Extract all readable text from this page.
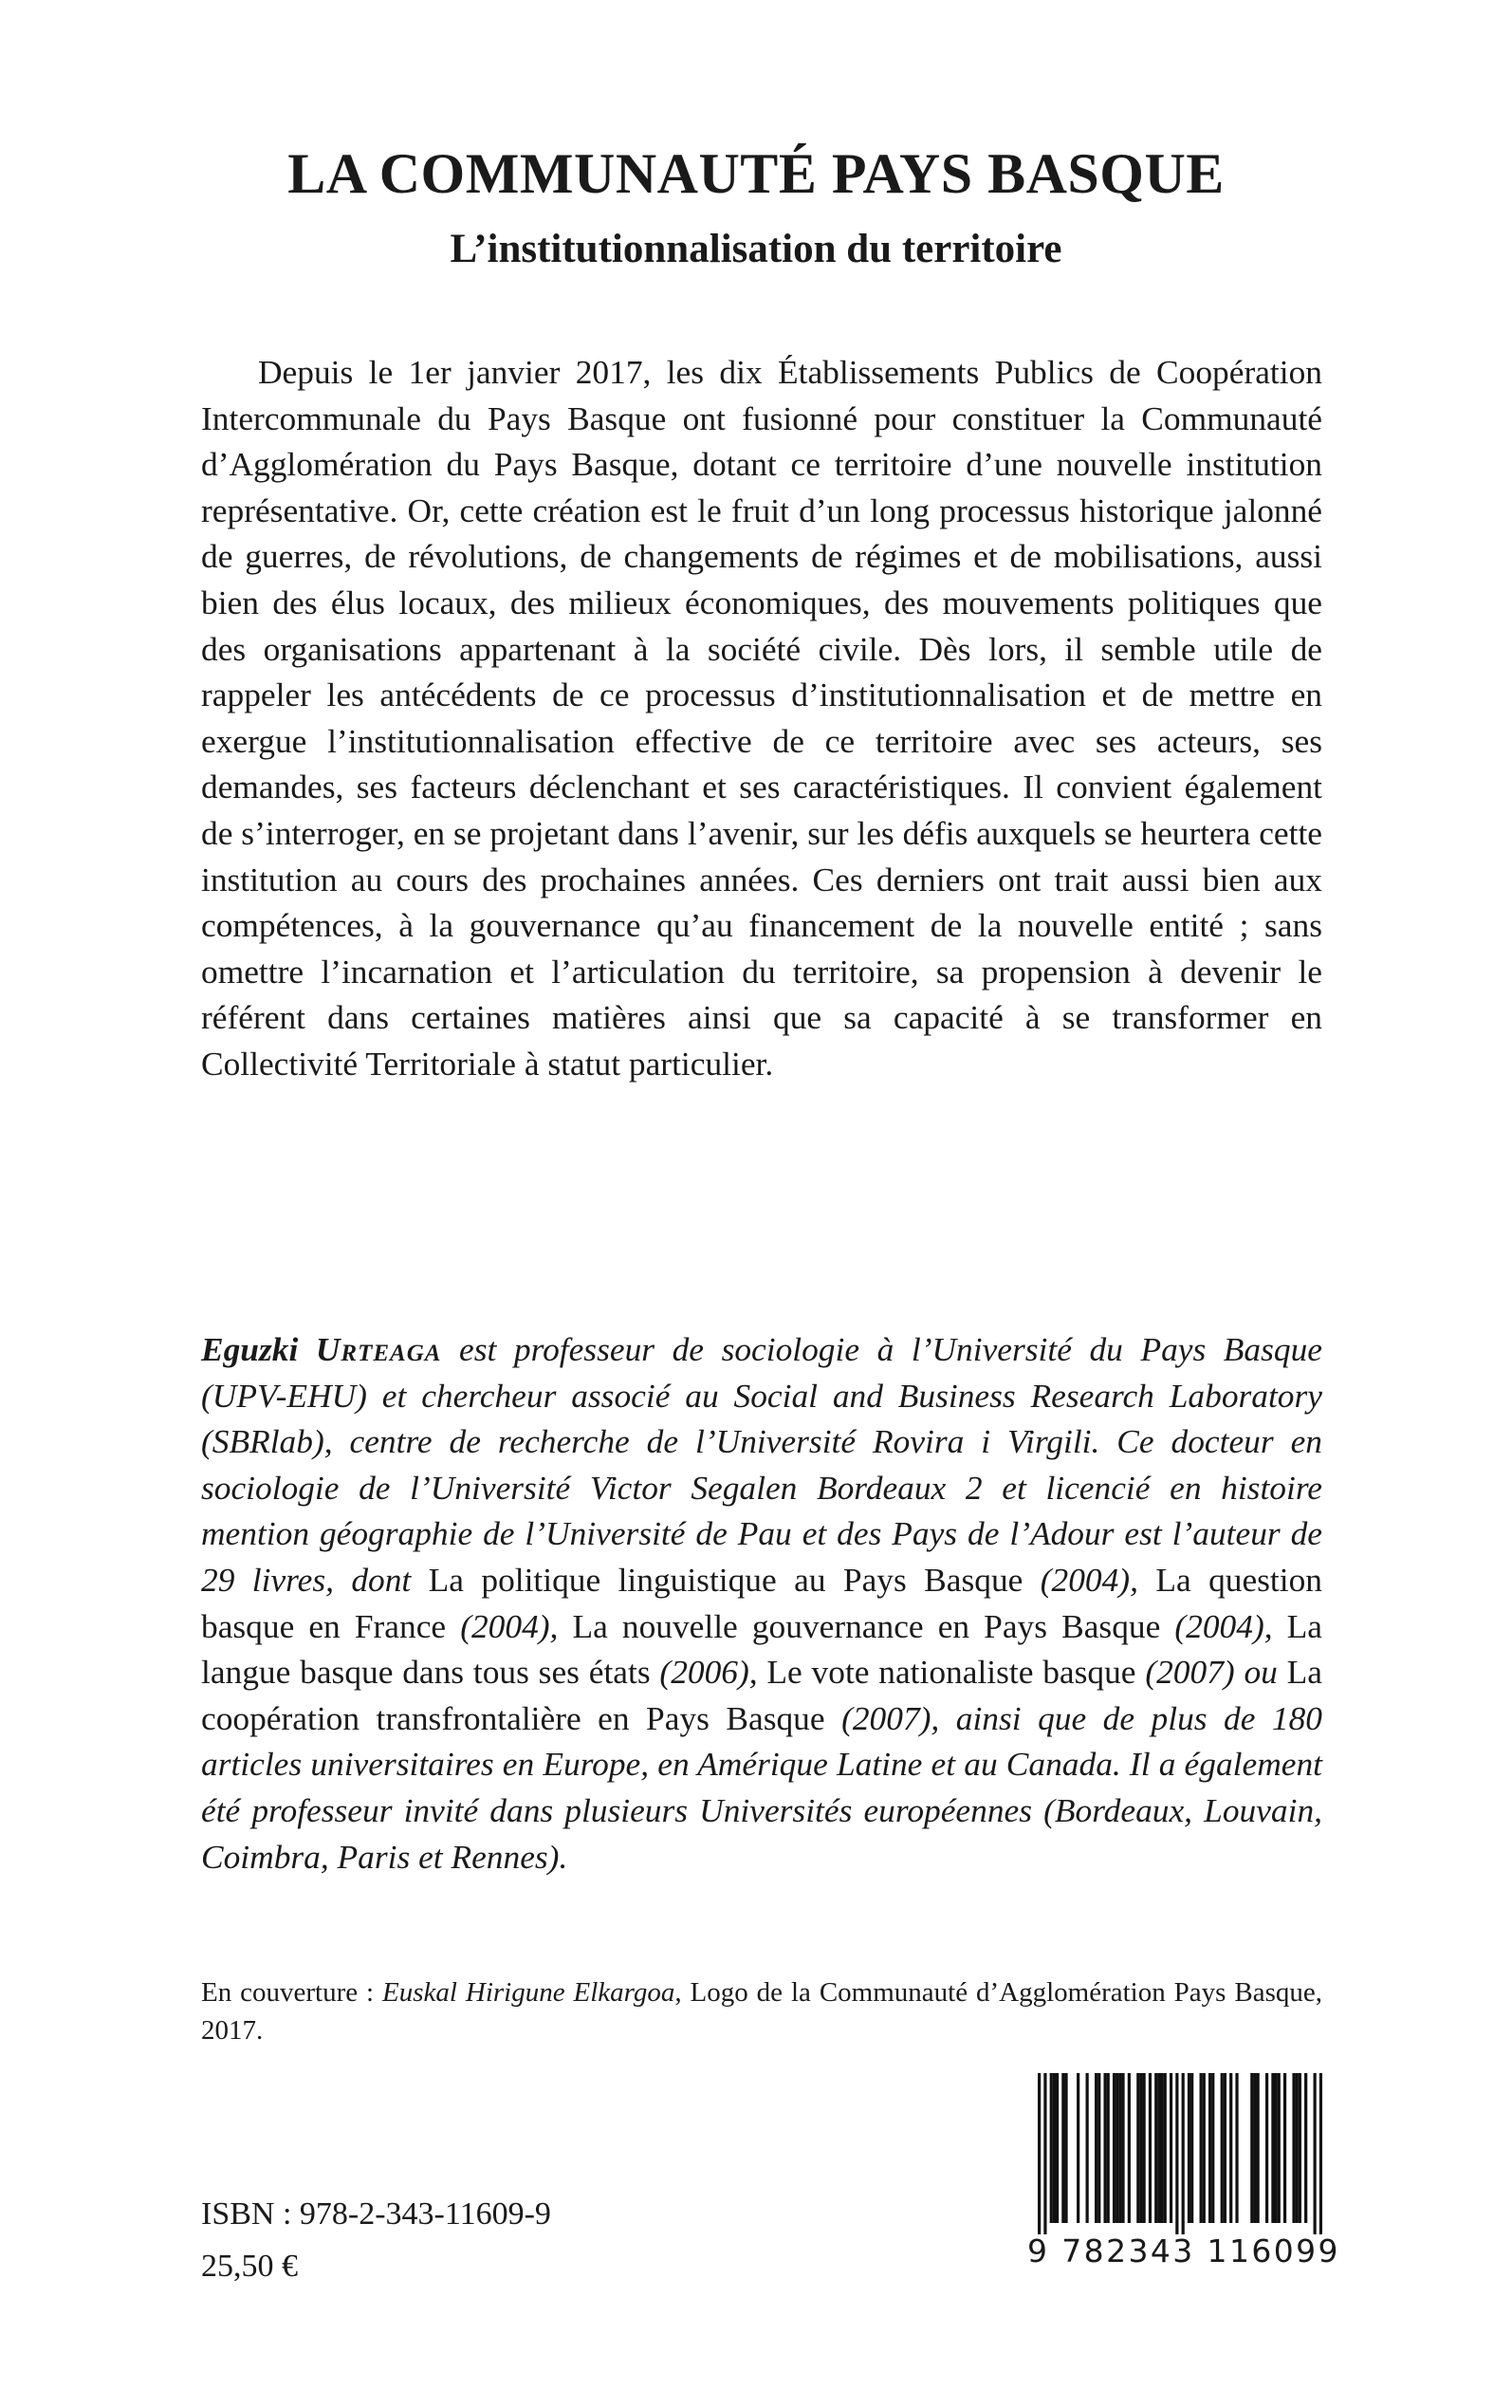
LA COMMUNAUTÉ PAYS BASQUE
L’institutionnalisation du territoire

Depuis le 1er janvier 2017, les dix Établissements Publics de Coopération Intercommunale du Pays Basque ont fusionné pour constituer la Communauté d’Agglomération du Pays Basque, dotant ce territoire d’une nouvelle institution représentative. Or, cette création est le fruit d’un long processus historique jalonné de guerres, de révolutions, de changements de régimes et de mobilisations, aussi bien des élus locaux, des milieux économiques, des mouvements politiques que des organisations appartenant à la société civile. Dès lors, il semble utile de rappeler les antécédents de ce processus d’institutionnalisation et de mettre en exergue l’institutionnalisation effective de ce territoire avec ses acteurs, ses demandes, ses facteurs déclenchant et ses caractéristiques. Il convient également de s’interroger, en se projetant dans l’avenir, sur les défis auxquels se heurtera cette institution au cours des prochaines années. Ces derniers ont trait aussi bien aux compétences, à la gouvernance qu’au financement de la nouvelle entité ; sans omettre l’incarnation et l’articulation du territoire, sa propension à devenir le référent dans certaines matières ainsi que sa capacité à se transformer en Collectivité Territoriale à statut particulier.

Eguzki Urteaga est professeur de sociologie à l’Université du Pays Basque (UPV-EHU) et chercheur associé au Social and Business Research Laboratory (SBRlab), centre de recherche de l’Université Rovira i Virgili. Ce docteur en sociologie de l’Université Victor Segalen Bordeaux 2 et licencié en histoire mention géographie de l’Université de Pau et des Pays de l’Adour est l’auteur de 29 livres, dont La politique linguistique au Pays Basque (2004), La question basque en France (2004), La nouvelle gouvernance en Pays Basque (2004), La langue basque dans tous ses états (2006), Le vote nationaliste basque (2007) ou La coopération transfrontalière en Pays Basque (2007), ainsi que de plus de 180 articles universitaires en Europe, en Amérique Latine et au Canada. Il a également été professeur invité dans plusieurs Universités européennes (Bordeaux, Louvain, Coimbra, Paris et Rennes).

En couverture : Euskal Hirigune Elkargoa, Logo de la Communauté d’Agglomération Pays Basque, 2017.

ISBN : 978-2-343-11609-9
25,50 €	9 782343 116099
